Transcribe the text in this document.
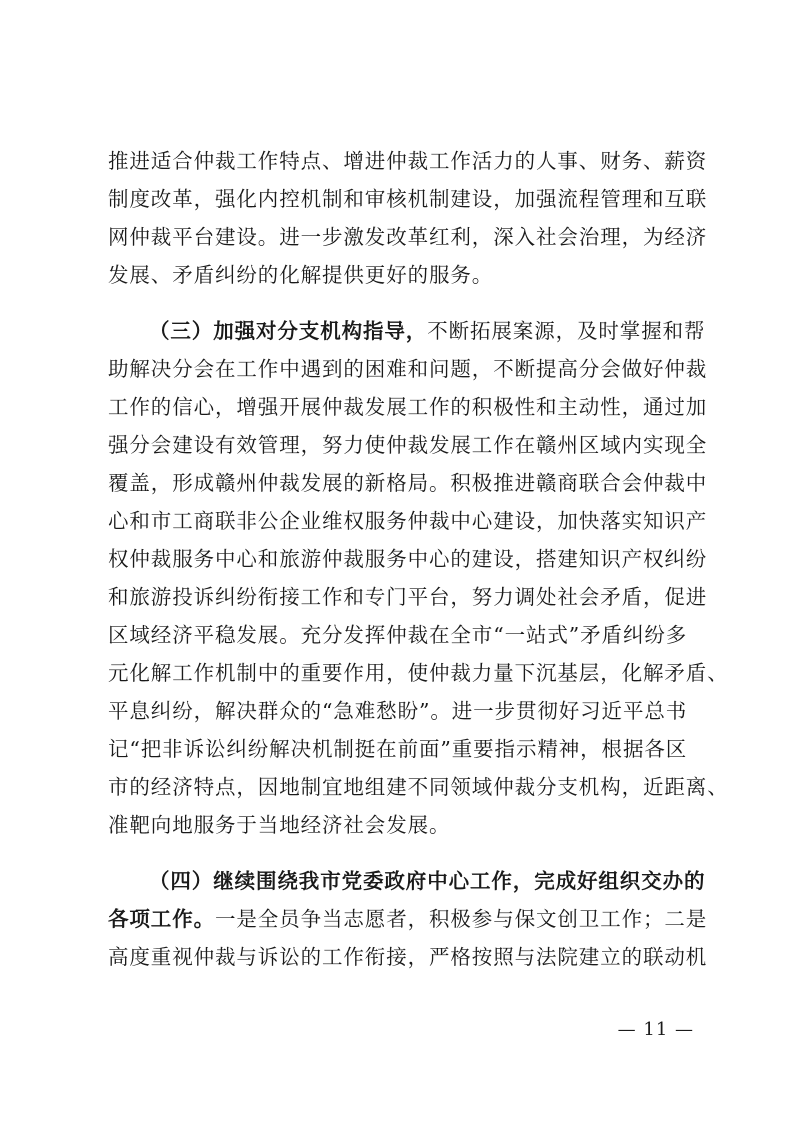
推进适合仲裁工作特点、增进仲裁工作活力的人事、财务、薪资
制度改革，强化内控机制和审核机制建设，加强流程管理和互联
网仲裁平台建设。进一步激发改革红利，深入社会治理，为经济
发展、矛盾纠纷的化解提供更好的服务。
（三）加强对分支机构指导，不断拓展案源，及时掌握和帮
助解决分会在工作中遇到的困难和问题，不断提高分会做好仲裁
工作的信心，增强开展仲裁发展工作的积极性和主动性，通过加
强分会建设有效管理，努力使仲裁发展工作在赣州区域内实现全
覆盖，形成赣州仲裁发展的新格局。积极推进赣商联合会仲裁中
心和市工商联非公企业维权服务仲裁中心建设，加快落实知识产
权仲裁服务中心和旅游仲裁服务中心的建设，搭建知识产权纠纷
和旅游投诉纠纷衔接工作和专门平台，努力调处社会矛盾，促进
区域经济平稳发展。充分发挥仲裁在全市“一站式”矛盾纠纷多
元化解工作机制中的重要作用，使仲裁力量下沉基层，化解矛盾、
平息纠纷，解决群众的“急难愁盼”。进一步贯彻好习近平总书
记“把非诉讼纠纷解决机制挺在前面”重要指示精神，根据各区
市的经济特点，因地制宜地组建不同领域仲裁分支机构，近距离、
准靶向地服务于当地经济社会发展。
（四）继续围绕我市党委政府中心工作，完成好组织交办的
各项工作。一是全员争当志愿者，积极参与保文创卫工作；二是
高度重视仲裁与诉讼的工作衔接，严格按照与法院建立的联动机
— 11 —
